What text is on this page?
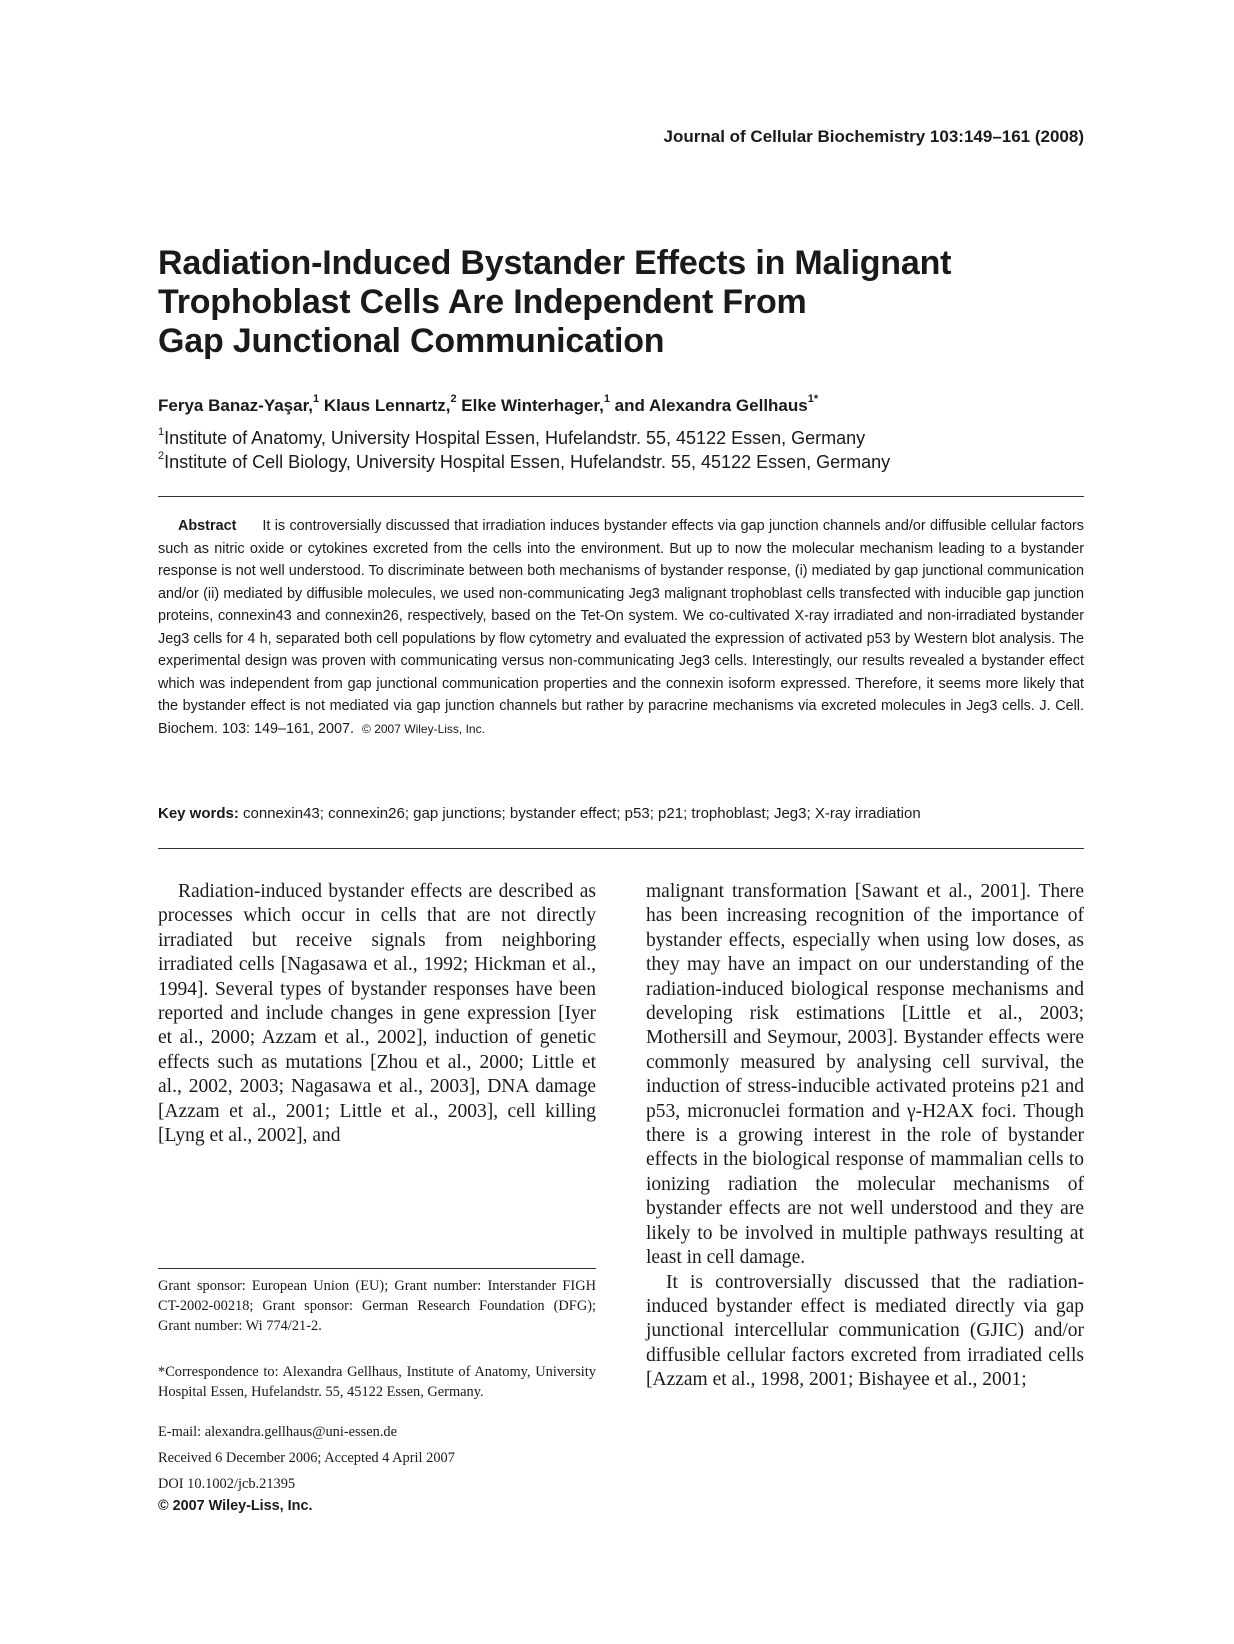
Journal of Cellular Biochemistry 103:149–161 (2008)
Radiation-Induced Bystander Effects in Malignant
Trophoblast Cells Are Independent From
Gap Junctional Communication
Ferya Banaz-Yaşar,$^1$ Klaus Lennartz,$^2$ Elke Winterhager,$^1$ and Alexandra Gellhaus$^{1*}$
$^1$Institute of Anatomy, University Hospital Essen, Hufelandstr. 55, 45122 Essen, Germany
$^2$Institute of Cell Biology, University Hospital Essen, Hufelandstr. 55, 45122 Essen, Germany

Abstract It is controversially discussed that irradiation induces bystander effects via gap junction channels and/or diffusible cellular factors such as nitric oxide or cytokines excreted from the cells into the environment. But up to now the molecular mechanism leading to a bystander response is not well understood. To discriminate between both mechanisms of bystander response, (i) mediated by gap junctional communication and/or (ii) mediated by diffusible molecules, we used non-communicating Jeg3 malignant trophoblast cells transfected with inducible gap junction proteins, connexin43 and connexin26, respectively, based on the Tet-On system. We co-cultivated X-ray irradiated and non-irradiated bystander Jeg3 cells for 4 h, separated both cell populations by flow cytometry and evaluated the expression of activated p53 by Western blot analysis. The experimental design was proven with communicating versus non-communicating Jeg3 cells. Interestingly, our results revealed a bystander effect which was independent from gap junctional communication properties and the connexin isoform expressed. Therefore, it seems more likely that the bystander effect is not mediated via gap junction channels but rather by paracrine mechanisms via excreted molecules in Jeg3 cells. J. Cell. Biochem. 103: 149–161, 2007. © 2007 Wiley-Liss, Inc.

Key words: connexin43; connexin26; gap junctions; bystander effect; p53; p21; trophoblast; Jeg3; X-ray irradiation

Radiation-induced bystander effects are described as processes which occur in cells that are not directly irradiated but receive signals from neighboring irradiated cells [Nagasawa et al., 1992; Hickman et al., 1994]. Several types of bystander responses have been reported and include changes in gene expression [Iyer et al., 2000; Azzam et al., 2002], induction of genetic effects such as mutations [Zhou et al., 2000; Little et al., 2002, 2003; Nagasawa et al., 2003], DNA damage [Azzam et al., 2001; Little et al., 2003], cell killing [Lyng et al., 2002], and

malignant transformation [Sawant et al., 2001]. There has been increasing recognition of the importance of bystander effects, especially when using low doses, as they may have an impact on our understanding of the radiation-induced biological response mechanisms and developing risk estimations [Little et al., 2003; Mothersill and Seymour, 2003]. Bystander effects were commonly measured by analysing cell survival, the induction of stress-inducible activated proteins p21 and p53, micronuclei formation and γ-H2AX foci. Though there is a growing interest in the role of bystander effects in the biological response of mammalian cells to ionizing radiation the molecular mechanisms of bystander effects are not well understood and they are likely to be involved in multiple pathways resulting at least in cell damage.

It is controversially discussed that the radiation-induced bystander effect is mediated directly via gap junctional intercellular communication (GJIC) and/or diffusible cellular factors excreted from irradiated cells [Azzam et al., 1998, 2001; Bishayee et al., 2001;

Grant sponsor: European Union (EU); Grant number: Interstander FIGH CT-2002-00218; Grant sponsor: German Research Foundation (DFG); Grant number: Wi 774/21-2.

*Correspondence to: Alexandra Gellhaus, Institute of Anatomy, University Hospital Essen, Hufelandstr. 55, 45122 Essen, Germany.

E-mail: alexandra.gellhaus@uni-essen.de

Received 6 December 2006; Accepted 4 April 2007

DOI 10.1002/jcb.21395

© 2007 Wiley-Liss, Inc.
